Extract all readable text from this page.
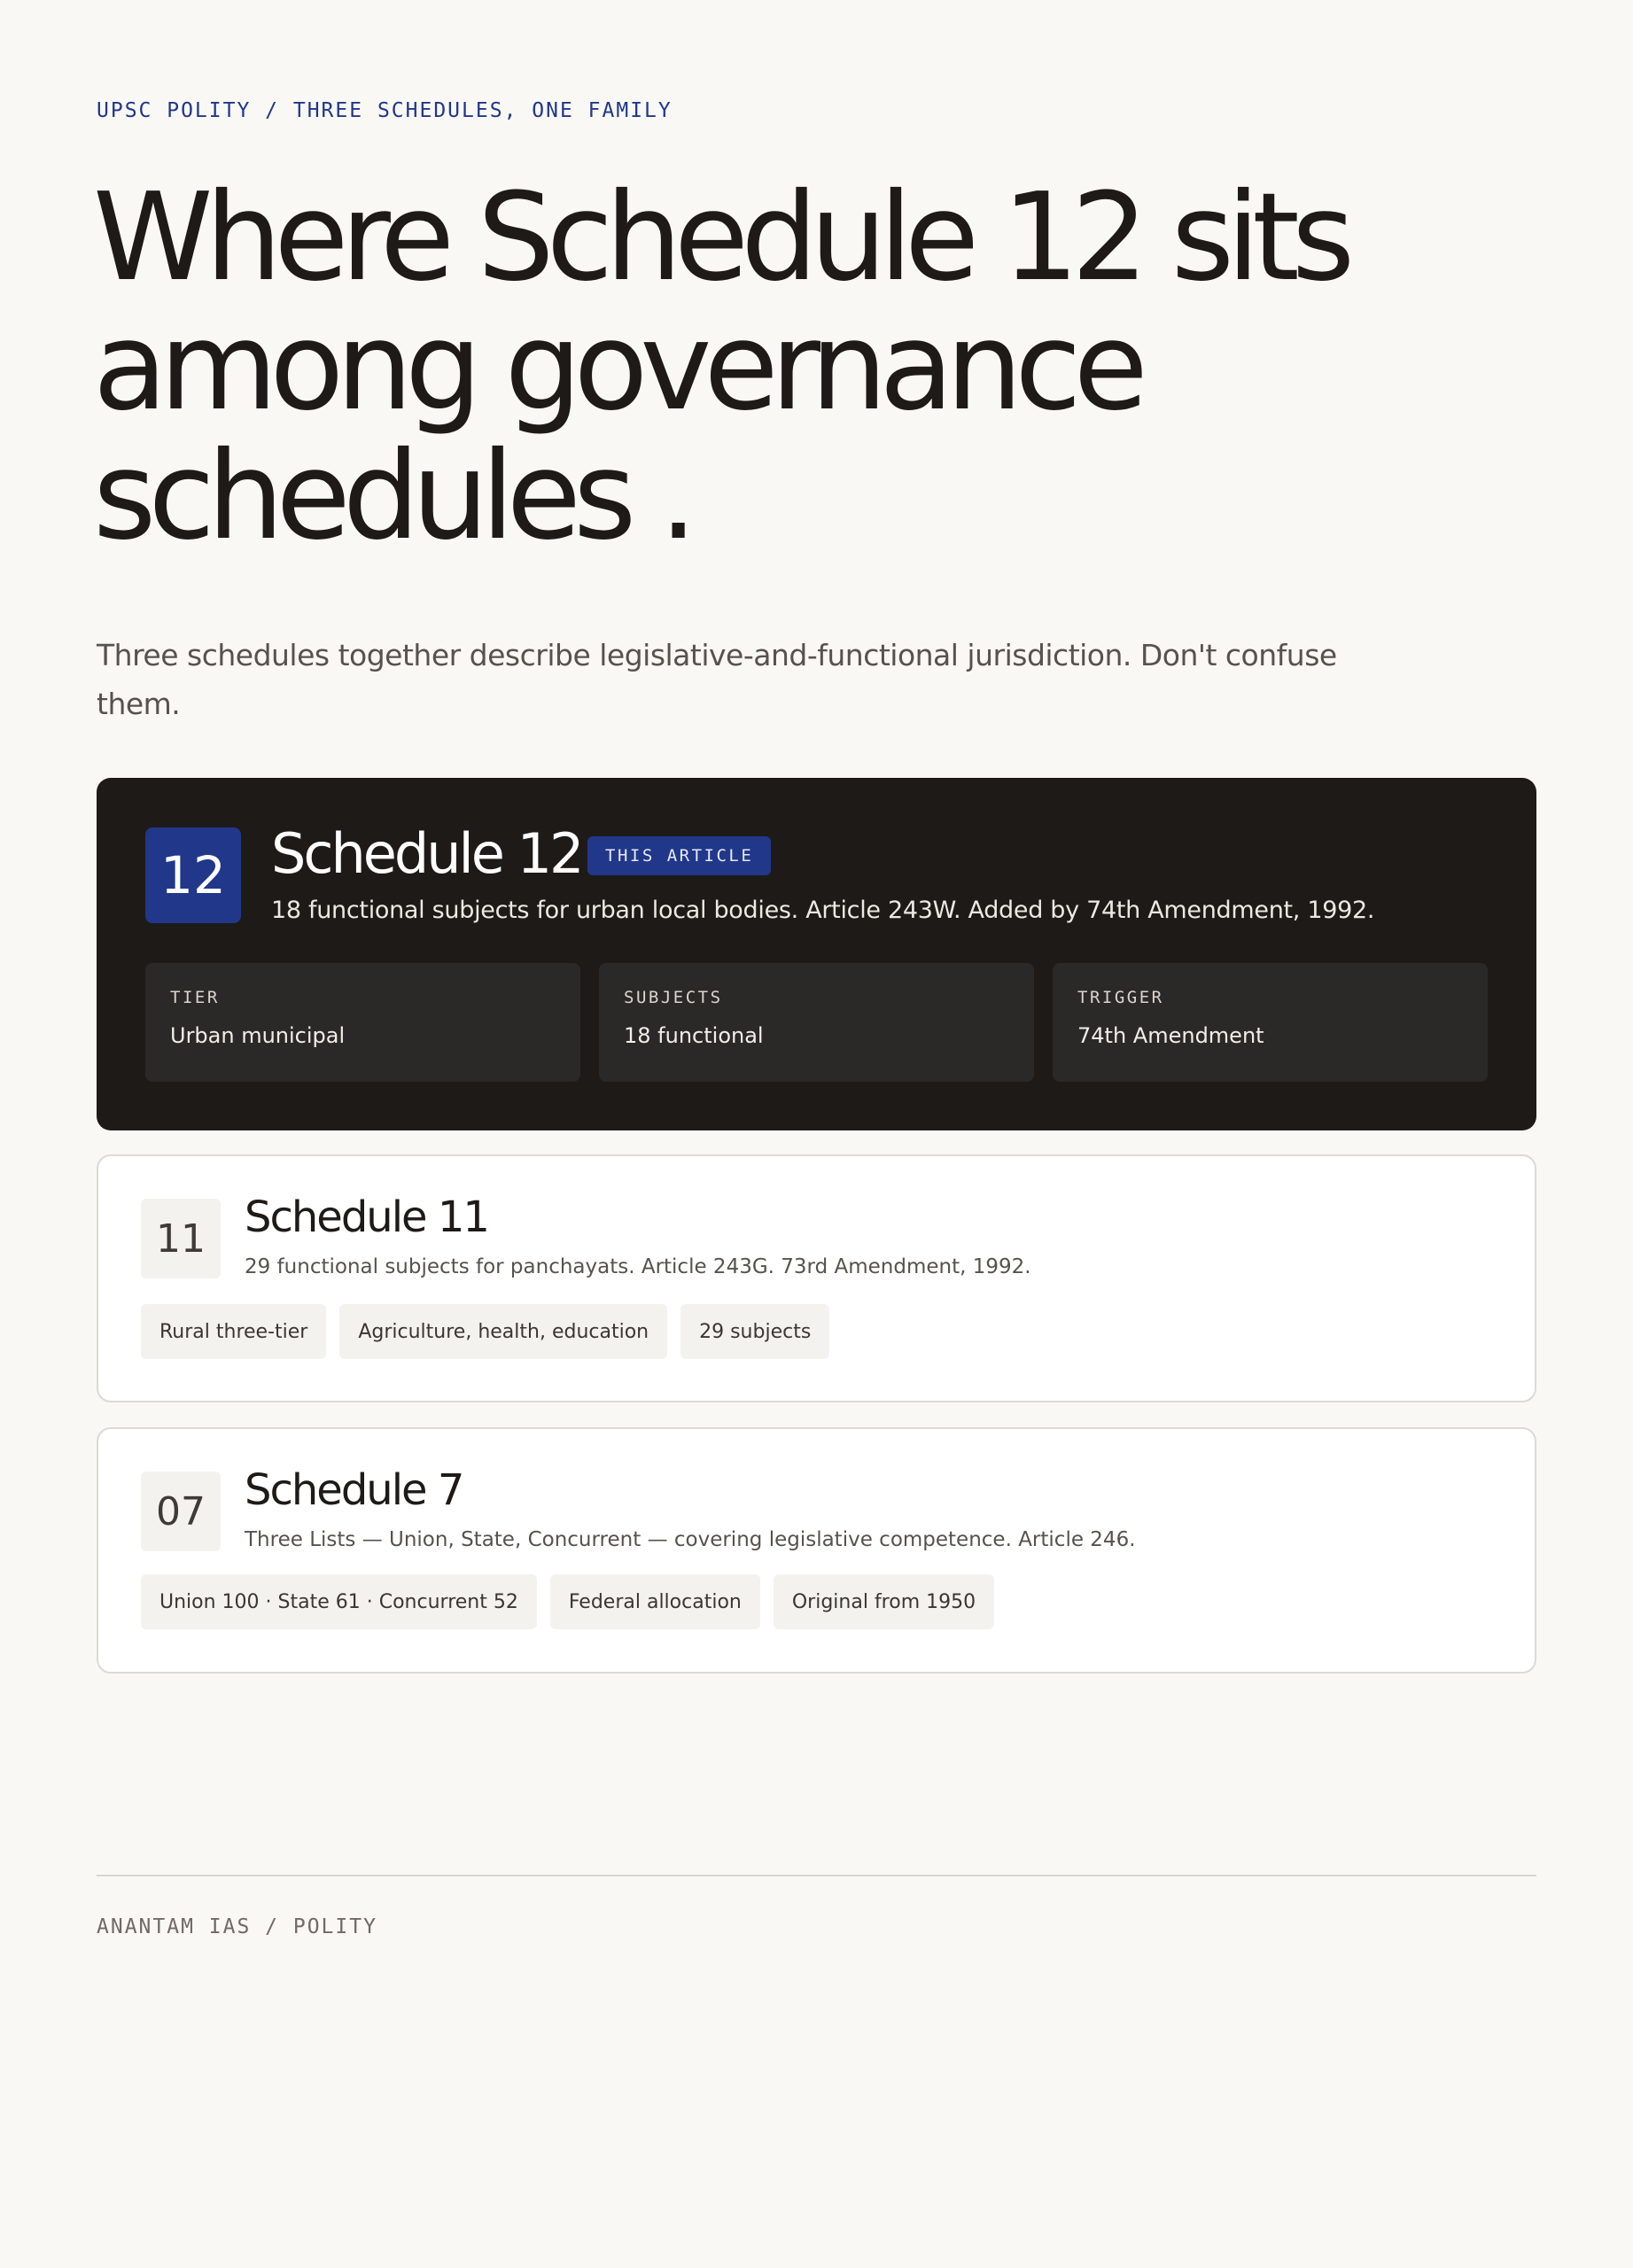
UPSC POLITY / THREE SCHEDULES, ONE FAMILY
Where Schedule 12 sits
among governance
schedules .

Three schedules together describe legislative-and-functional jurisdiction. Don't confuse them.

12 Schedule 12	THIS ARTICLE
18 functional subjects for urban local bodies. Article 243W. Added by 74th Amendment, 1992.
TIER
Urban municipal
SUBJECTS
18 functional
TRIGGER
74th Amendment
11 Schedule 11
29 functional subjects for panchayats. Article 243G. 73rd Amendment, 1992.
Rural three-tier	Agriculture, health, education	29 subjects
07 Schedule 7
Three Lists — Union, State, Concurrent — covering legislative competence. Article 246.
Union 100 · State 61 · Concurrent 52	Federal allocation	Original from 1950
ANANTAM IAS / POLITY
